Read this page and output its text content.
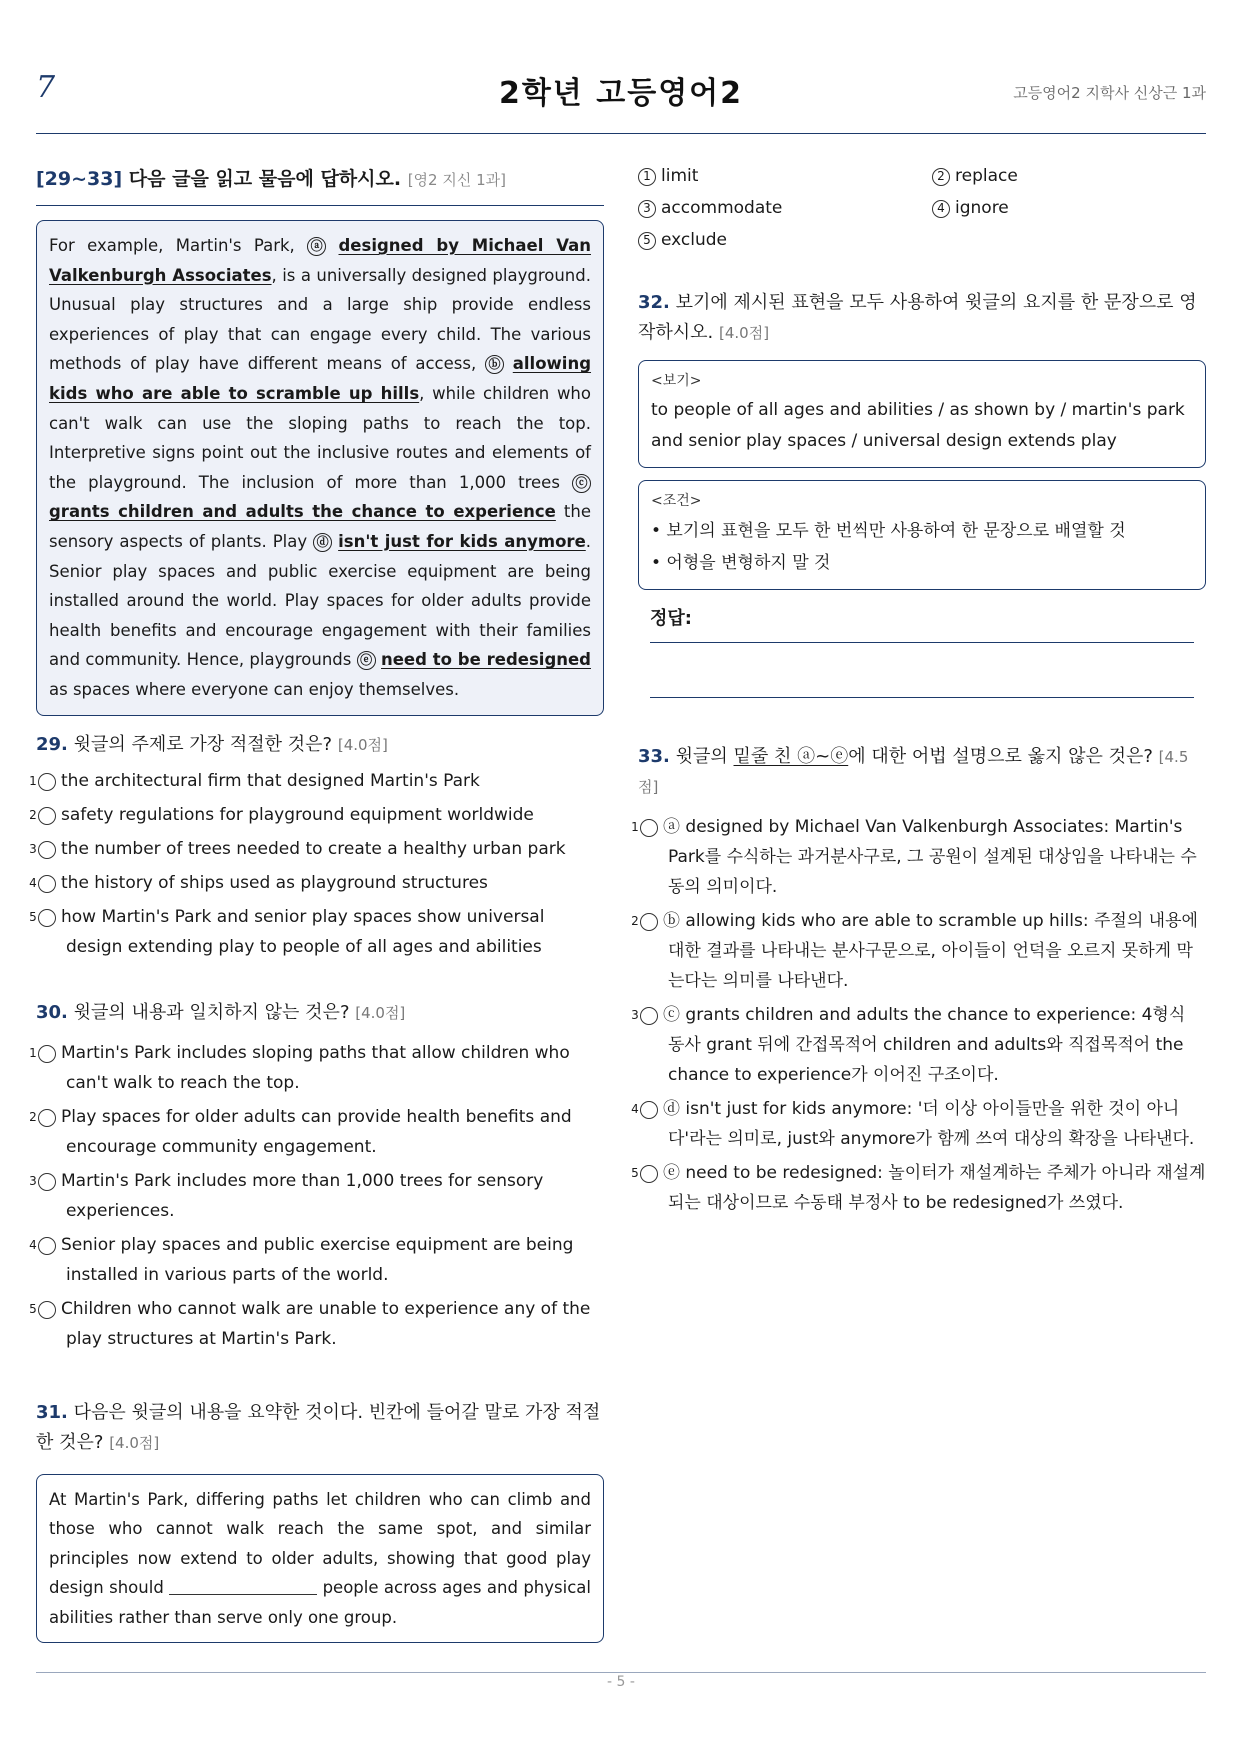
7	2학년 고등영어2	고등영어2 지학사 신상근 1과
[29~33] 다음 글을 읽고 물음에 답하시오. [영2 지신 1과]
For example, Martin's Park, ⓐ designed by Michael Van Valkenburgh Associates, is a universally designed playground. Unusual play structures and a large ship provide endless experiences of play that can engage every child. The various methods of play have different means of access, ⓑ allowing kids who are able to scramble up hills, while children who can't walk can use the sloping paths to reach the top. Interpretive signs point out the inclusive routes and elements of the playground. The inclusion of more than 1,000 trees ⓒ grants children and adults the chance to experience the sensory aspects of plants. Play ⓓ isn't just for kids anymore. Senior play spaces and public exercise equipment are being installed around the world. Play spaces for older adults provide health benefits and encourage engagement with their families and community. Hence, playgrounds ⓔ need to be redesigned as spaces where everyone can enjoy themselves.
29. 윗글의 주제로 가장 적절한 것은? [4.0점]
1 the architectural firm that designed Martin's Park
2 safety regulations for playground equipment worldwide
3 the number of trees needed to create a healthy urban park
4 the history of ships used as playground structures
5 how Martin's Park and senior play spaces show universal design extending play to people of all ages and abilities
30. 윗글의 내용과 일치하지 않는 것은? [4.0점]
1 Martin's Park includes sloping paths that allow children who can't walk to reach the top.
2 Play spaces for older adults can provide health benefits and encourage community engagement.
3 Martin's Park includes more than 1,000 trees for sensory experiences.
4 Senior play spaces and public exercise equipment are being installed in various parts of the world.
5 Children who cannot walk are unable to experience any of the play structures at Martin's Park.
31. 다음은 윗글의 내용을 요약한 것이다. 빈칸에 들어갈 말로 가장 적절한 것은? [4.0점]
At Martin's Park, differing paths let children who can climb and those who cannot walk reach the same spot, and similar principles now extend to older adults, showing that good play design should	people across ages and physical abilities rather than serve only one group.
1 limit	2 replace
3 accommodate	4 ignore
5 exclude
32. 보기에 제시된 표현을 모두 사용하여 윗글의 요지를 한 문장으로 영작하시오. [4.0점]
<보기>
to people of all ages and abilities / as shown by / martin's park and senior play spaces / universal design extends play
<조건>
• 보기의 표현을 모두 한 번씩만 사용하여 한 문장으로 배열할 것
• 어형을 변형하지 말 것
정답:
33. 윗글의 밑줄 친 ⓐ~ⓔ에 대한 어법 설명으로 옳지 않은 것은? [4.5점]
1 ⓐ designed by Michael Van Valkenburgh Associates: Martin's Park를 수식하는 과거분사구로, 그 공원이 설계된 대상임을 나타내는 수동의 의미이다.
2 ⓑ allowing kids who are able to scramble up hills: 주절의 내용에 대한 결과를 나타내는 분사구문으로, 아이들이 언덕을 오르지 못하게 막는다는 의미를 나타낸다.
3 ⓒ grants children and adults the chance to experience: 4형식 동사 grant 뒤에 간접목적어 children and adults와 직접목적어 the chance to experience가 이어진 구조이다.
4 ⓓ isn't just for kids anymore: '더 이상 아이들만을 위한 것이 아니다'라는 의미로, just와 anymore가 함께 쓰여 대상의 확장을 나타낸다.
5 ⓔ need to be redesigned: 놀이터가 재설계하는 주체가 아니라 재설계되는 대상이므로 수동태 부정사 to be redesigned가 쓰였다.
- 5 -
